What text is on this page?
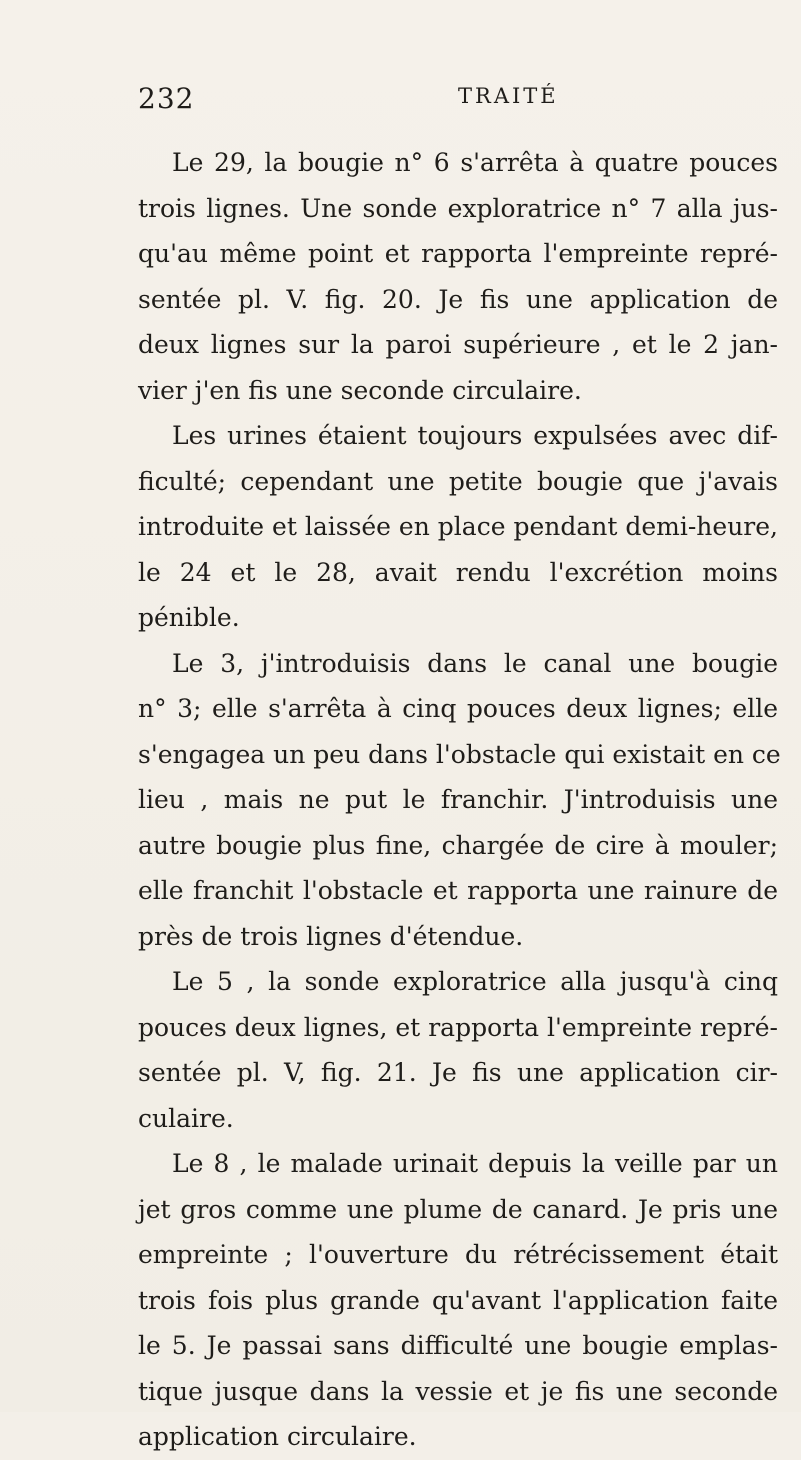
232	TRAITÉ
Le 29, la bougie n° 6 s'arrêta à quatre pouces
trois lignes. Une sonde exploratrice n° 7 alla jus-
qu'au même point et rapporta l'empreinte repré-
sentée pl. V. fig. 20. Je fis une application de
deux lignes sur la paroi supérieure , et le 2 jan-
vier j'en fis une seconde circulaire.
Les urines étaient toujours expulsées avec dif-
ficulté; cependant une petite bougie que j'avais
introduite et laissée en place pendant demi-heure,
le 24 et le 28, avait rendu l'excrétion moins
pénible.
Le 3, j'introduisis dans le canal une bougie
n° 3; elle s'arrêta à cinq pouces deux lignes; elle
s'engagea un peu dans l'obstacle qui existait en ce
lieu , mais ne put le franchir. J'introduisis une
autre bougie plus fine, chargée de cire à mouler;
elle franchit l'obstacle et rapporta une rainure de
près de trois lignes d'étendue.
Le 5 , la sonde exploratrice alla jusqu'à cinq
pouces deux lignes, et rapporta l'empreinte repré-
sentée pl. V, fig. 21. Je fis une application cir-
culaire.
Le 8 , le malade urinait depuis la veille par un
jet gros comme une plume de canard. Je pris une
empreinte ; l'ouverture du rétrécissement était
trois fois plus grande qu'avant l'application faite
le 5. Je passai sans difficulté une bougie emplas-
tique jusque dans la vessie et je fis une seconde
application circulaire.
